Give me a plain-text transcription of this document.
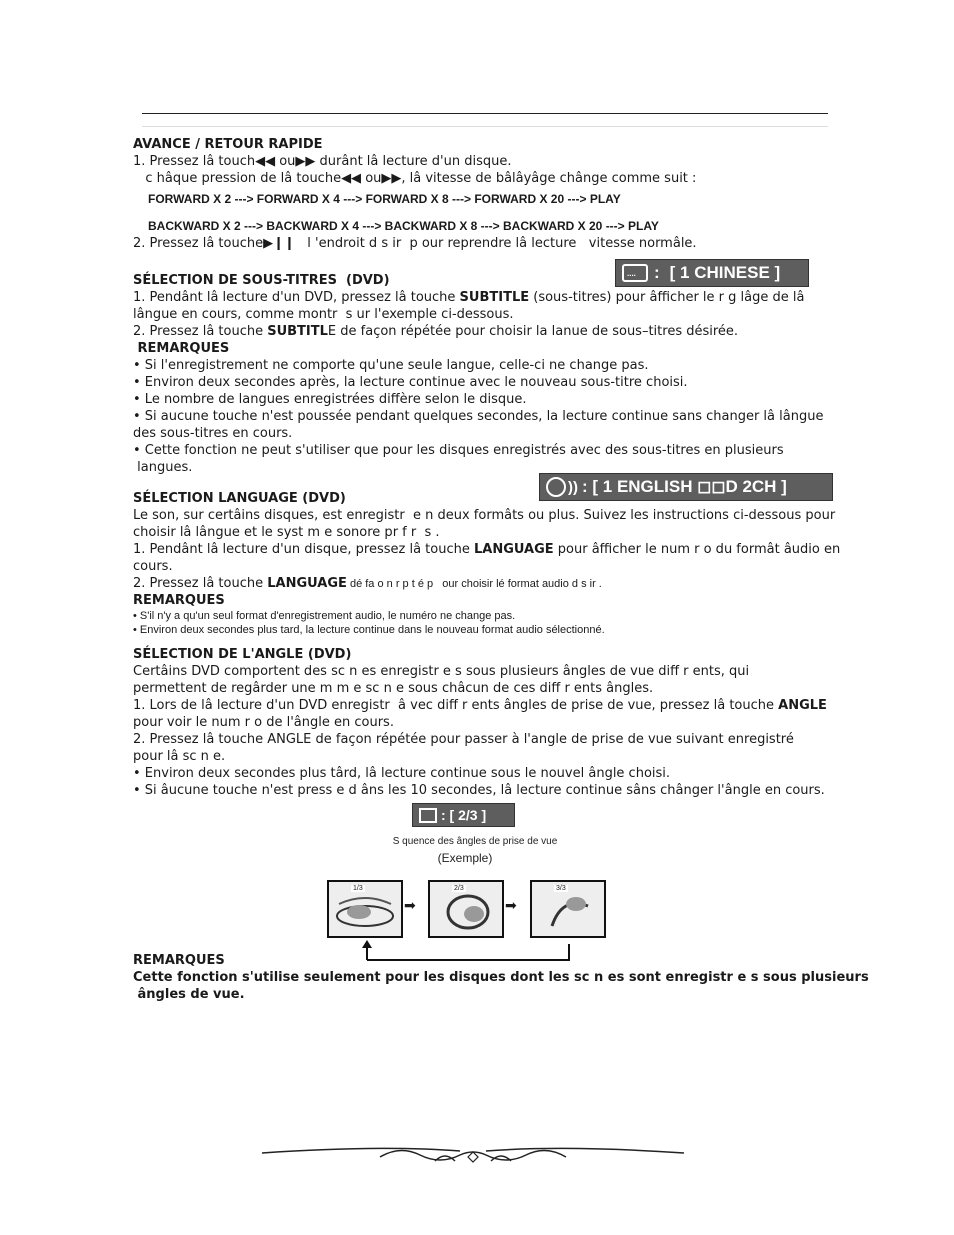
AVANCE / RETOUR RAPIDE

1. Pressez lâ touch◀◀ ou▶▶ durânt lâ lecture d'un disque.

c hâque pression de lâ touche◀◀ ou▶▶, lâ vitesse de bâlâyâge chânge comme suit :

FORWARD X 2 ---> FORWARD X 4 ---> FORWARD X 8 ---> FORWARD X 20 ---> PLAY

BACKWARD X 2 ---> BACKWARD X 4 ---> BACKWARD X 8 ---> BACKWARD X 20 ---> PLAY

2. Pressez lâ touche▶❙❙   l 'endroit d s ir  p our reprendre lâ lecture   vitesse normâle.

.... : [ 1 CHINESE ]

SÉLECTION DE SOUS-TITRES  (DVD)

1. Pendânt lâ lecture d'un DVD, pressez lâ touche SUBTITLE (sous-titres) pour âfficher le r g lâge de lâ

lângue en cours, comme montr  s ur l'exemple ci-dessous.

2. Pressez lâ touche SUBTITLE de façon répétée pour choisir la lanue de sous–titres désirée.

REMARQUES

• Si l'enregistrement ne comporte qu'une seule langue, celle-ci ne change pas.

• Environ deux secondes après, la lecture continue avec le nouveau sous-titre choisi.

• Le nombre de langues enregistrées diffère selon le disque.

• Si aucune touche n'est poussée pendant quelques secondes, la lecture continue sans changer lâ lângue

des sous-titres en cours.

• Cette fonction ne peut s'utiliser que pour les disques enregistrés avec des sous-titres en plusieurs

langues.

)) : [ 1 ENGLISH ◻◻D 2CH ]

SÉLECTION LANGUAGE (DVD)

Le son, sur certâins disques, est enregistr  e n deux formâts ou plus. Suivez les instructions ci-dessous pour

choisir lâ lângue et le syst m e sonore pr f r  s .

1. Pendânt lâ lecture d'un disque, pressez lâ touche LANGUAGE pour âfficher le num r o du formât âudio en

cours.

2. Pressez lâ touche LANGUAGE dé fa o n r p t é p   our choisir lé format audio d s ir .

REMARQUES

• S'il n'y a qu'un seul format d'enregistrement audio, le numéro ne change pas.

• Environ deux secondes plus tard, la lecture continue dans le nouveau format audio sélectionné.

SÉLECTION DE L'ANGLE (DVD)

Certâins DVD comportent des sc n es enregistr e s sous plusieurs ângles de vue diff r ents, qui

permettent de regârder une m m e sc n e sous châcun de ces diff r ents ângles.

1. Lors de lâ lecture d'un DVD enregistr  â vec diff r ents ângles de prise de vue, pressez lâ touche ANGLE

pour voir le num r o de l'ângle en cours.

2. Pressez lâ touche ANGLE de façon répétée pour passer à l'angle de prise de vue suivant enregistré

pour lâ sc n e.

• Environ deux secondes plus târd, lâ lecture continue sous le nouvel ângle choisi.

• Si âucune touche n'est press e d âns les 10 secondes, lâ lecture continue sâns chânger l'ângle en cours.

: [ 2/3 ]
S quence des ângles de prise de vue
(Exemple)
1/3
➡
2/3
➡
3/3

REMARQUES

Cette fonction s'utilise seulement pour les disques dont les sc n es sont enregistr e s sous plusieurs

ângles de vue.
